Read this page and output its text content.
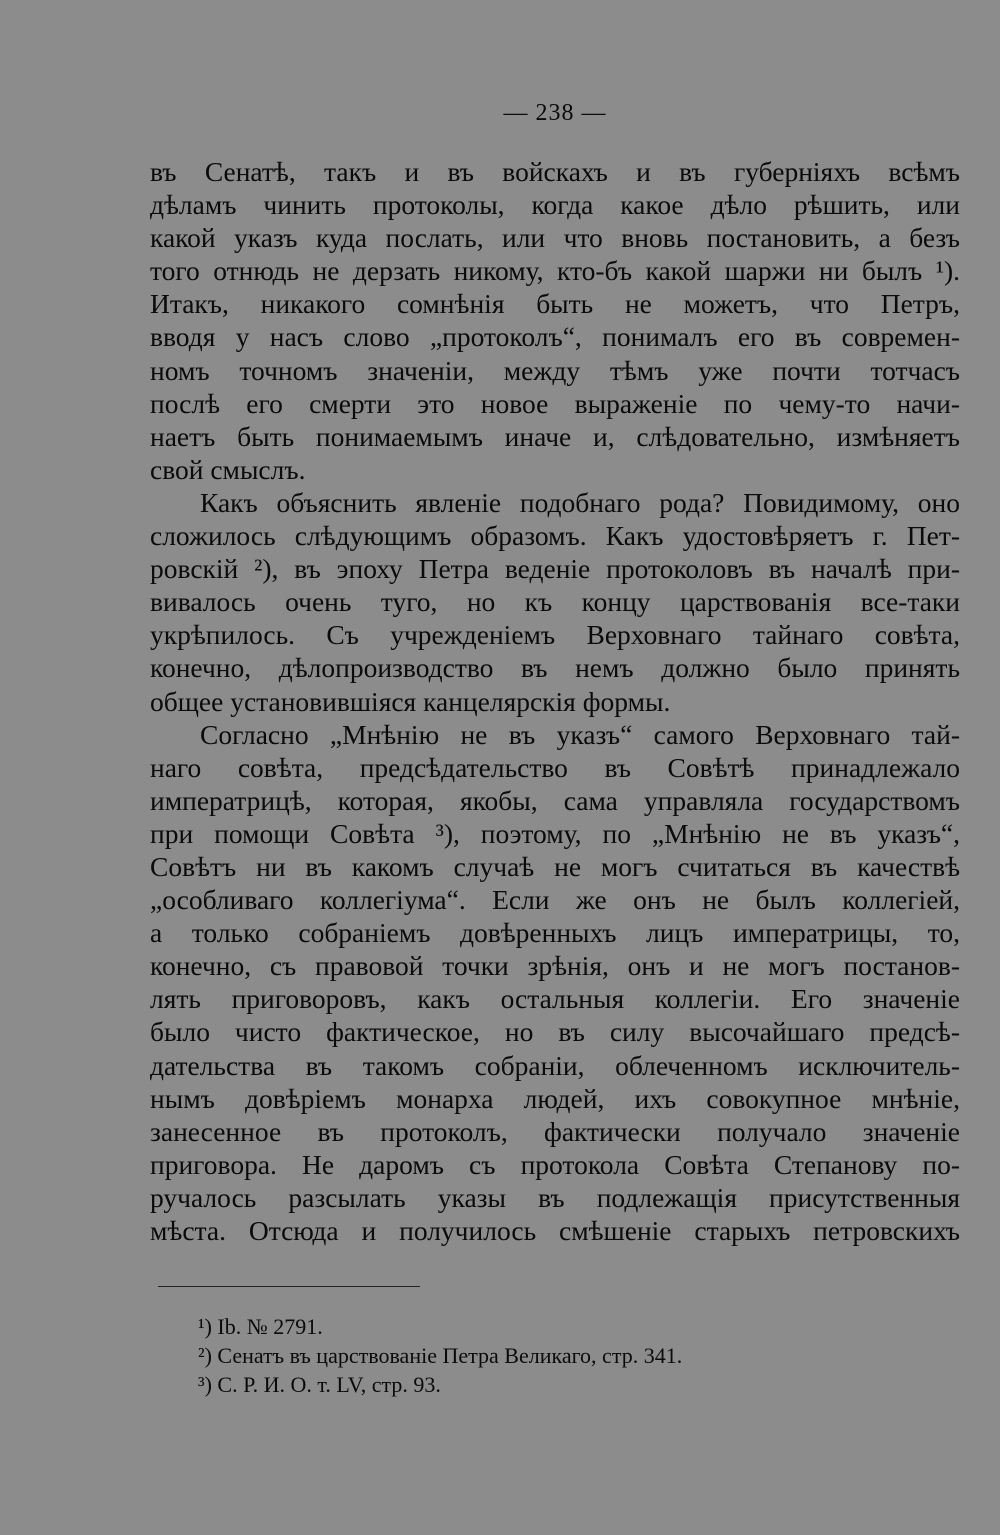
— 238 —
въ Сенатѣ, такъ и въ войскахъ и въ губерніяхъ всѣмъ
дѣламъ чинить протоколы, когда какое дѣло рѣшить, или
какой указъ куда послать, или что вновь постановить, а безъ
того отнюдь не дерзать никому, кто-бъ какой шаржи ни былъ ¹).
Итакъ, никакого сомнѣнія быть не можетъ, что Петръ,
вводя у насъ слово „протоколъ“, понималъ его въ современ-
номъ точномъ значеніи, между тѣмъ уже почти тотчасъ
послѣ его смерти это новое выраженіе по чему-то начи-
наетъ быть понимаемымъ иначе и, слѣдовательно, измѣняетъ
свой смыслъ.
Какъ объяснить явленіе подобнаго рода? Повидимому, оно
сложилось слѣдующимъ образомъ. Какъ удостовѣряетъ г. Пет-
ровскій ²), въ эпоху Петра веденіе протоколовъ въ началѣ при-
вивалось очень туго, но къ концу царствованія все-таки
укрѣпилось. Съ учрежденіемъ Верховнаго тайнаго совѣта,
конечно, дѣлопроизводство въ немъ должно было принять
общеe установившіяся канцелярскія формы.
Согласно „Мнѣнію не въ указъ“ самого Верховнаго тай-
наго совѣта, предсѣдательство въ Совѣтѣ принадлежало
императрицѣ, которая, якобы, сама управляла государствомъ
при помощи Совѣта ³), поэтому, по „Мнѣнію не въ указъ“,
Совѣтъ ни въ какомъ случаѣ не могъ считаться въ качествѣ
„особливаго коллегіума“. Если же онъ не былъ коллегіей,
а только собраніемъ довѣренныхъ лицъ императрицы, то,
конечно, съ правовой точки зрѣнія, онъ и не могъ постанов-
лять приговоровъ, какъ остальныя коллегіи. Его значеніе
было чисто фактическое, но въ силу высочайшаго предсѣ-
дательства въ такомъ собраніи, облеченномъ исключитель-
нымъ довѣріемъ монарха людей, ихъ совокупное мнѣніе,
занесенное въ протоколъ, фактически получало значеніе
приговора. Не даромъ съ протокола Совѣта Степанову по-
ручалось разсылать указы въ подлежащія присутственныя
мѣста. Отсюда и получилось смѣшеніе старыхъ петровскихъ
¹) Ib. № 2791.
²) Сенатъ въ царствованіе Петра Великаго, стр. 341.
³) С. Р. И. О. т. LV, стр. 93.
